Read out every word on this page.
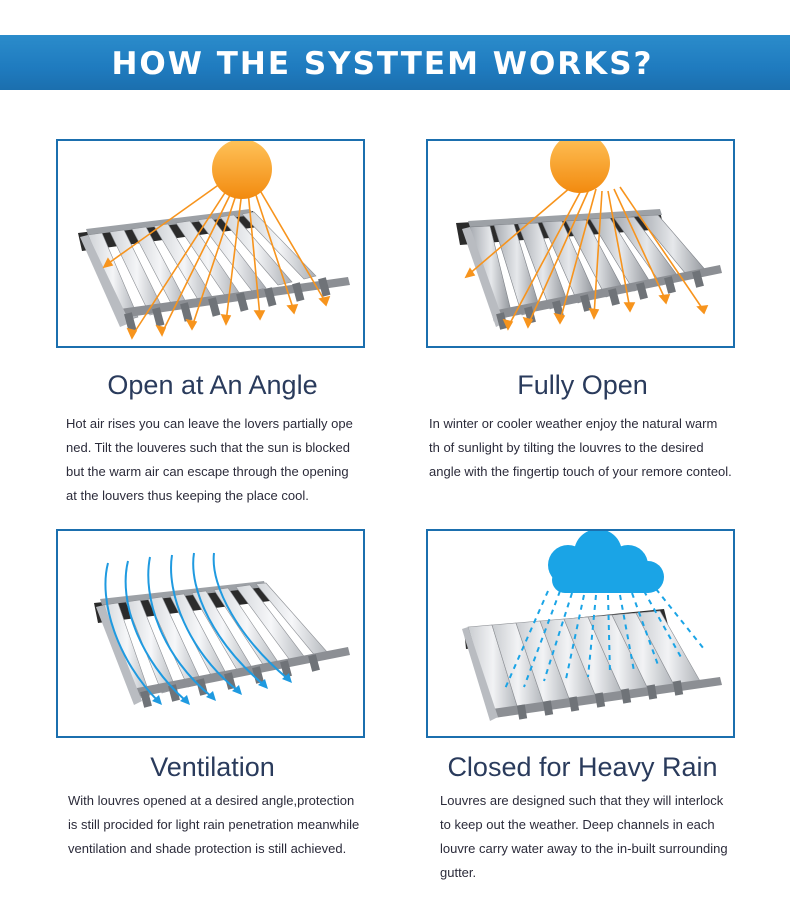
HOW THE SYSTTEM WORKS?
Open at An Angle	Fully Open
Ventilation	Closed for Heavy Rain
Hot air rises you can leave the lovers partially ope
ned. Tilt the louveres such that the sun is blocked
but the warm air can escape through the opening
at the louvers thus keeping the place cool.
In winter or cooler weather enjoy the natural warm
th of sunlight by tilting the louvres to the desired
angle with the fingertip touch of your remore conteol.
With louvres opened at a desired angle,protection
is still procided for light rain penetration meanwhile
ventilation and shade protection is still achieved.
Louvres are designed such that they will interlock
to keep out the weather. Deep channels in each
louvre carry water away to the in-built surrounding
gutter.
